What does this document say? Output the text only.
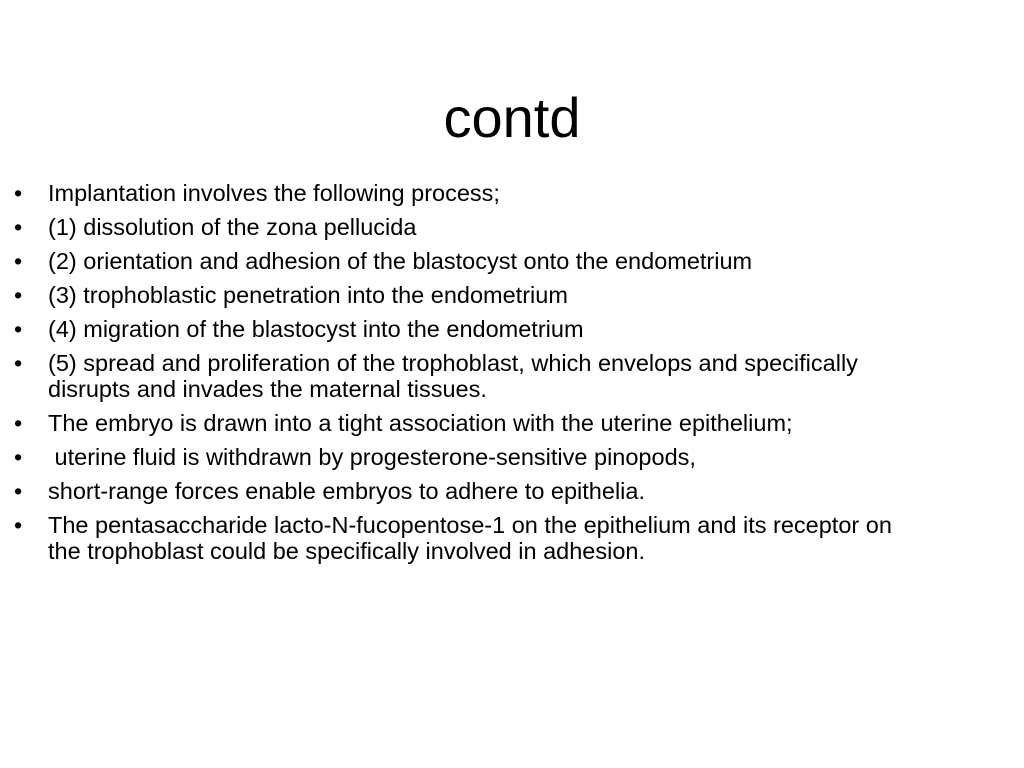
contd
•	Implantation involves the following process;
•	(1) dissolution of the zona pellucida
•	(2) orientation and adhesion of the blastocyst onto the endometrium
•	(3) trophoblastic penetration into the endometrium
•	(4) migration of the blastocyst into the endometrium
•	(5) spread and proliferation of the trophoblast, which envelops and specifically disrupts and invades the maternal tissues.
•	The embryo is drawn into a tight association with the uterine epithelium;
•	uterine fluid is withdrawn by progesterone-sensitive pinopods,
•	short-range forces enable embryos to adhere to epithelia.
•	The pentasaccharide lacto-N-fucopentose-1 on the epithelium and its receptor on the trophoblast could be specifically involved in adhesion.
